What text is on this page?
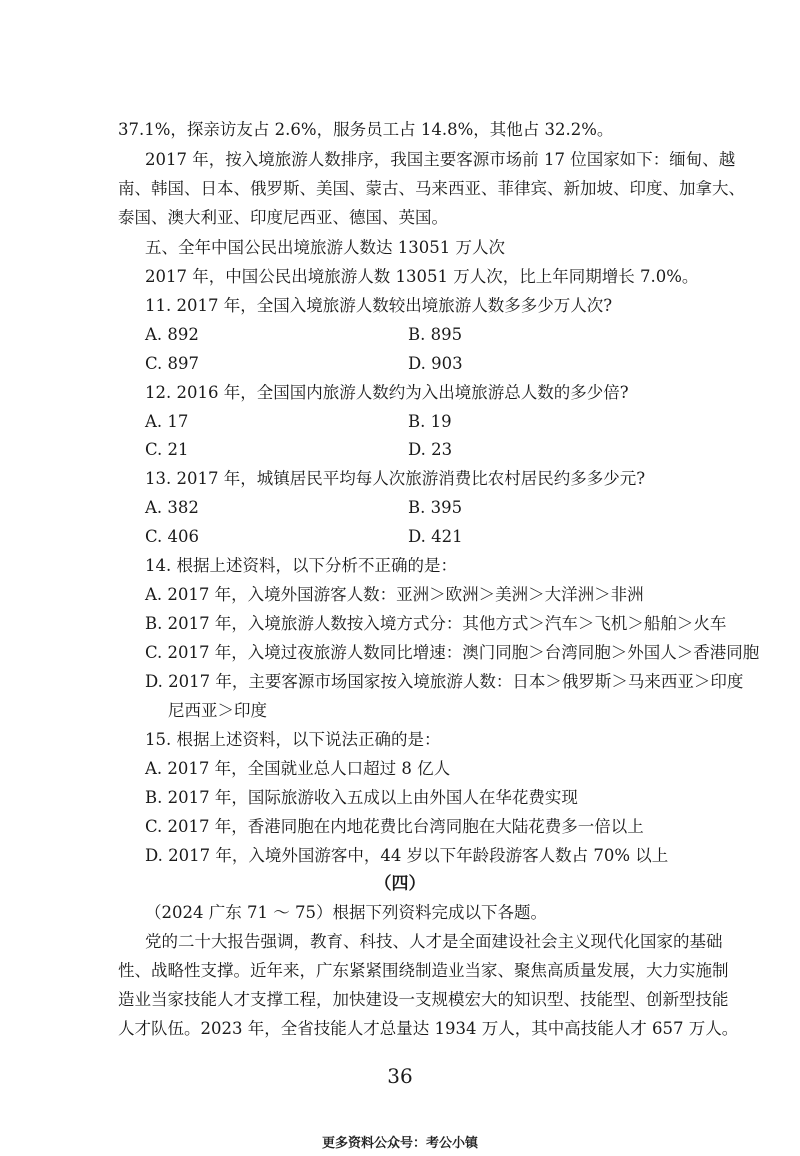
37.1%，探亲访友占 2.6%，服务员工占 14.8%，其他占 32.2%。
2017 年，按入境旅游人数排序，我国主要客源市场前 17 位国家如下：缅甸、越
南、韩国、日本、俄罗斯、美国、蒙古、马来西亚、菲律宾、新加坡、印度、加拿大、
泰国、澳大利亚、印度尼西亚、德国、英国。
五、全年中国公民出境旅游人数达 13051 万人次
2017 年，中国公民出境旅游人数 13051 万人次，比上年同期增长 7.0%。
11. 2017 年，全国入境旅游人数较出境旅游人数多多少万人次?
A. 892	B. 895
C. 897	D. 903
12. 2016 年，全国国内旅游人数约为入出境旅游总人数的多少倍?
A. 17	B. 19
C. 21	D. 23
13. 2017 年，城镇居民平均每人次旅游消费比农村居民约多多少元?
A. 382	B. 395
C. 406	D. 421
14. 根据上述资料，以下分析不正确的是：
A. 2017 年，入境外国游客人数：亚洲＞欧洲＞美洲＞大洋洲＞非洲
B. 2017 年，入境旅游人数按入境方式分：其他方式＞汽车＞飞机＞船舶＞火车
C. 2017 年，入境过夜旅游人数同比增速：澳门同胞＞台湾同胞＞外国人＞香港同胞
D. 2017 年，主要客源市场国家按入境旅游人数：日本＞俄罗斯＞马来西亚＞印度
尼西亚＞印度
15. 根据上述资料，以下说法正确的是：
A. 2017 年，全国就业总人口超过 8 亿人
B. 2017 年，国际旅游收入五成以上由外国人在华花费实现
C. 2017 年，香港同胞在内地花费比台湾同胞在大陆花费多一倍以上
D. 2017 年，入境外国游客中，44 岁以下年龄段游客人数占 70% 以上
（四）
（2024 广东 71 ～ 75）根据下列资料完成以下各题。
党的二十大报告强调，教育、科技、人才是全面建设社会主义现代化国家的基础
性、战略性支撑。近年来，广东紧紧围绕制造业当家、聚焦高质量发展，大力实施制
造业当家技能人才支撑工程，加快建设一支规模宏大的知识型、技能型、创新型技能
人才队伍。2023 年，全省技能人才总量达 1934 万人，其中高技能人才 657 万人。
36
更多资料公众号：考公小镇
